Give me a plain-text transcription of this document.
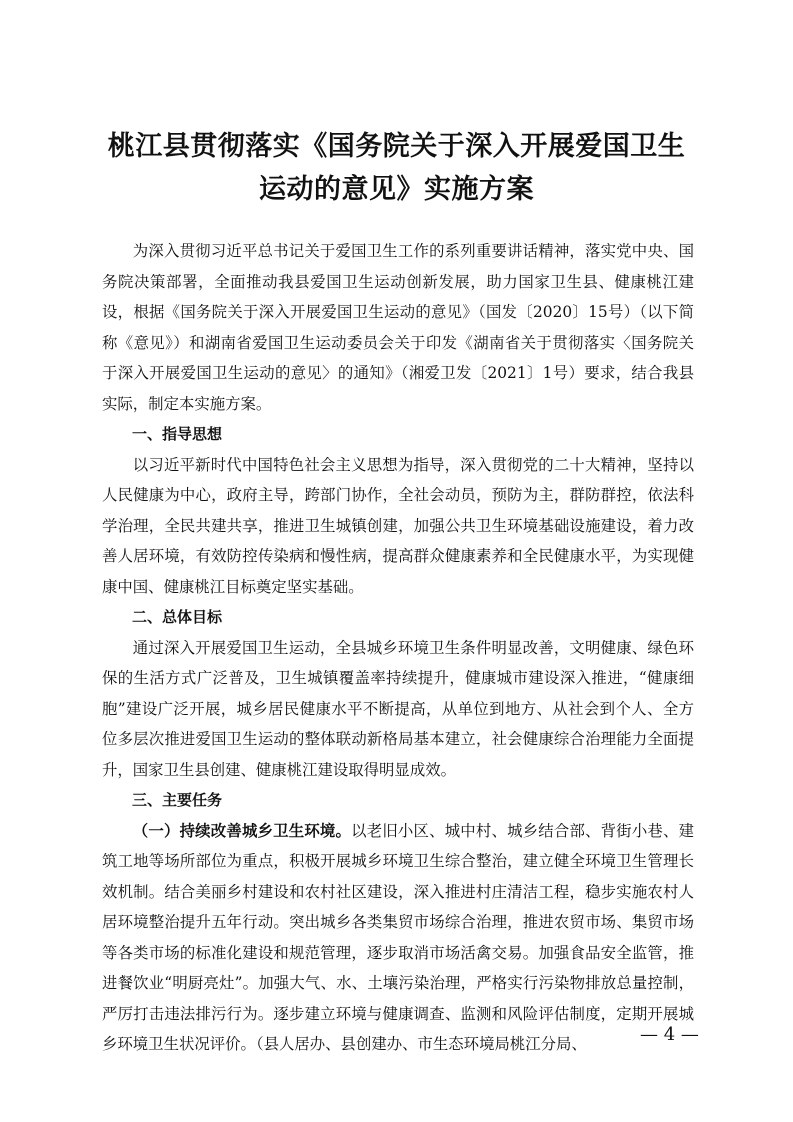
桃江县贯彻落实《国务院关于深入开展爱国卫生
运动的意见》实施方案

为深入贯彻习近平总书记关于爱国卫生工作的系列重要讲话精神，落实党中央、国务院决策部署，全面推动我县爱国卫生运动创新发展，助力国家卫生县、健康桃江建设，根据《国务院关于深入开展爱国卫生运动的意见》（国发〔2020〕15号）（以下简称《意见》）和湖南省爱国卫生运动委员会关于印发《湖南省关于贯彻落实〈国务院关于深入开展爱国卫生运动的意见〉的通知》（湘爱卫发〔2021〕1号）要求，结合我县实际，制定本实施方案。

一、指导思想

以习近平新时代中国特色社会主义思想为指导，深入贯彻党的二十大精神，坚持以人民健康为中心，政府主导，跨部门协作，全社会动员，预防为主，群防群控，依法科学治理，全民共建共享，推进卫生城镇创建，加强公共卫生环境基础设施建设，着力改善人居环境，有效防控传染病和慢性病，提高群众健康素养和全民健康水平，为实现健康中国、健康桃江目标奠定坚实基础。

二、总体目标

通过深入开展爱国卫生运动，全县城乡环境卫生条件明显改善，文明健康、绿色环保的生活方式广泛普及，卫生城镇覆盖率持续提升，健康城市建设深入推进，“健康细胞”建设广泛开展，城乡居民健康水平不断提高，从单位到地方、从社会到个人、全方位多层次推进爱国卫生运动的整体联动新格局基本建立，社会健康综合治理能力全面提升，国家卫生县创建、健康桃江建设取得明显成效。

三、主要任务

（一）持续改善城乡卫生环境。以老旧小区、城中村、城乡结合部、背街小巷、建筑工地等场所部位为重点，积极开展城乡环境卫生综合整治，建立健全环境卫生管理长效机制。结合美丽乡村建设和农村社区建设，深入推进村庄清洁工程，稳步实施农村人居环境整治提升五年行动。突出城乡各类集贸市场综合治理，推进农贸市场、集贸市场等各类市场的标准化建设和规范管理，逐步取消市场活禽交易。加强食品安全监管，推进餐饮业“明厨亮灶”。加强大气、水、土壤污染治理，严格实行污染物排放总量控制，严厉打击违法排污行为。逐步建立环境与健康调查、监测和风险评估制度，定期开展城乡环境卫生状况评价。（县人居办、县创建办、市生态环境局桃江分局、	— 4 —
